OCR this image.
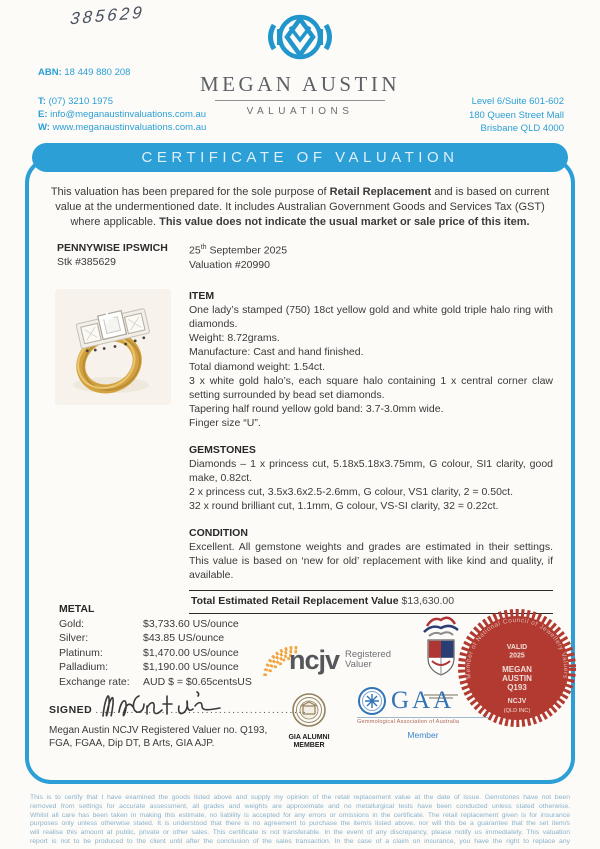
385629
ABN: 18 449 880 208
T: (07) 3210 1975
E: info@meganaustinvaluations.com.au
W: www.meganaustinvaluations.com.au
MEGAN AUSTIN
VALUATIONS
Level 6/Suite 601-602
180 Queen Street Mall
Brisbane QLD 4000
CERTIFICATE OF VALUATION

This valuation has been prepared for the sole purpose of Retail Replacement and is based on current value at the undermentioned date. It includes Australian Government Goods and Services Tax (GST) where applicable. This value does not indicate the usual market or sale price of this item.

PENNYWISE IPSWICH
Stk #385629
25th September 2025
Valuation #20990
ITEM

One lady’s stamped (750) 18ct yellow gold and white gold triple halo ring with diamonds.

Weight: 8.72grams.

Manufacture: Cast and hand finished.

Total diamond weight: 1.54ct.

3 x white gold halo’s, each square halo containing 1 x central corner claw setting surrounded by bead set diamonds.

Tapering half round yellow gold band: 3.7-3.0mm wide.

Finger size “U”.

GEMSTONES

Diamonds – 1 x princess cut, 5.18x5.18x3.75mm, G colour, SI1 clarity, good make, 0.82ct.

2 x princess cut, 3.5x3.6x2.5-2.6mm, G colour, VS1 clarity, 2 = 0.50ct.

32 x round brilliant cut, 1.1mm, G colour, VS-SI clarity, 32 = 0.22ct.

CONDITION

Excellent. All gemstone weights and grades are estimated in their settings. This value is based on ‘new for old’ replacement with like kind and quality, if available.

Total Estimated Retail Replacement Value $13,630.00
METAL
Gold:	$3,733.60 US/ounce
Silver:	$43.85 US/ounce
Platinum:	$1,470.00 US/ounce
Palladium:	$1,190.00 US/ounce
Exchange rate:	AUD $ = $0.65centsUS
ncjv Registered
Valuer
Member of National Council of Jewellery Valuers
VALID
2025
MEGAN
AUSTIN
Q193
NCJV
(QLD INC)
GIA ALUMNI
MEMBER
GAA
Gemmological Association of Australia
Member
SIGNED ................................................
Megan Austin NCJV Registered Valuer no. Q193,
FGA, FGAA, Dip DT, B Arts, GIA AJP.
This is to certify that I have examined the goods listed above and supply my opinion of the retail replacement value at the date of issue. Gemstones have not been
removed from settings for accurate assessment, all grades and weights are approximate and no metallurgical tests have been conducted unless stated otherwise.
Whilst all care has been taken in making this estimate, no liability is accepted for any errors or omissions in the certificate. The retail replacement given is for insurance
purposes only unless otherwise stated. It is understood that there is no agreement to purchase the item/s listed above, nor will this be a guarantee that the set item/s
will realise this amount at public, private or other sales. This certificate is not transferable. In the event of any discrepancy, please notify us immediately. This valuation
report is not to be produced to the client until after the conclusion of the sales transaction. In the case of a claim on insurance, you have the right to replace any
